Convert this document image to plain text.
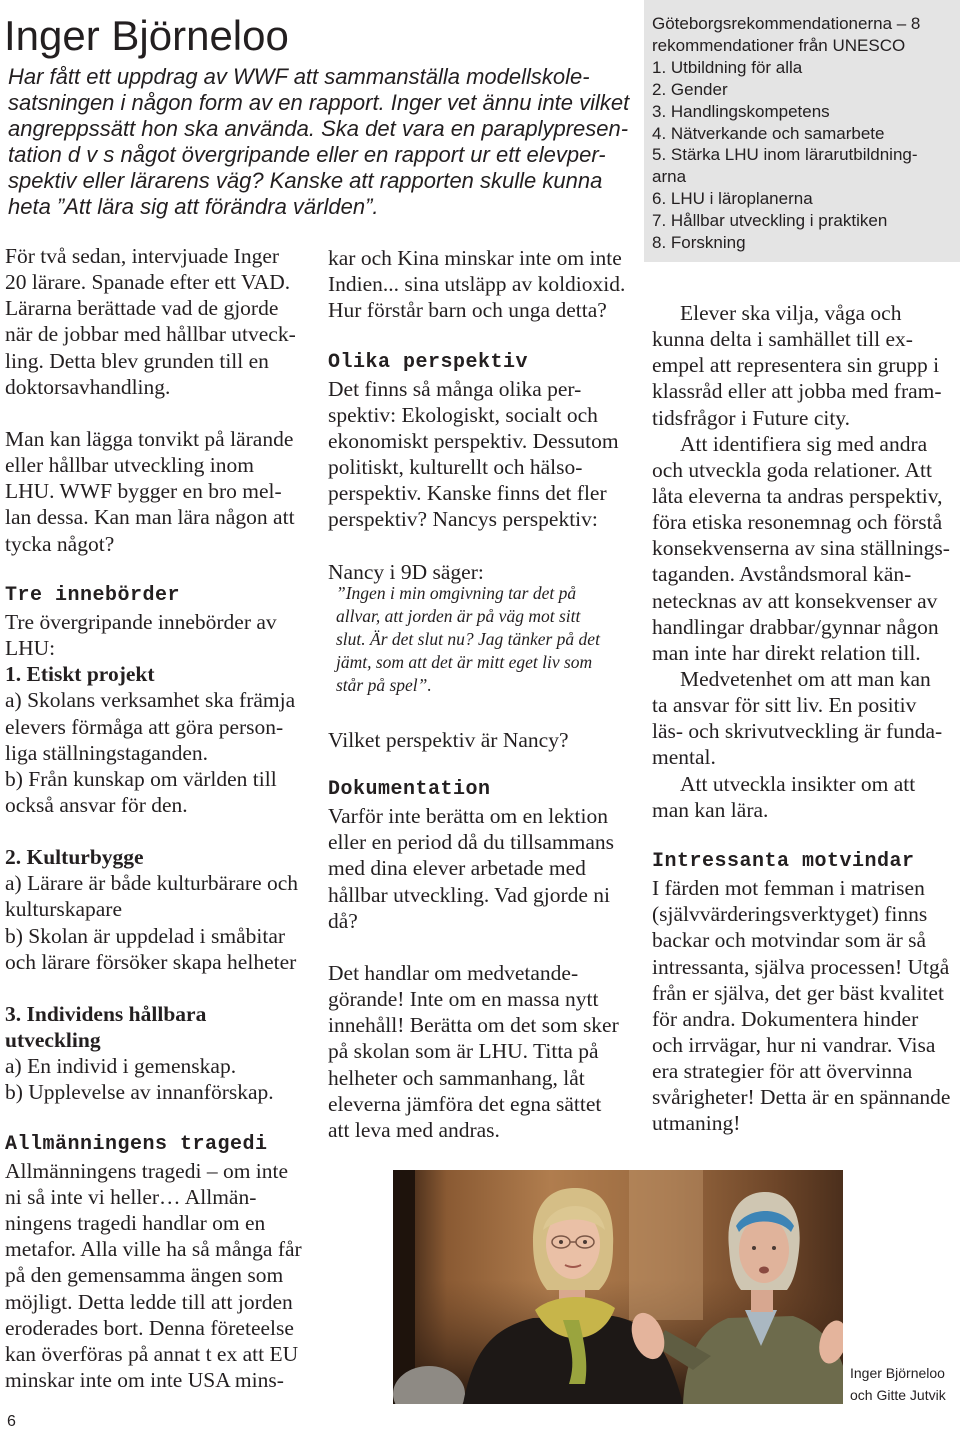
Inger Björneloo
Har fått ett uppdrag av WWF att sammanställa modellskole-
satsningen i någon form av en rapport. Inger vet ännu inte vilket
angreppssätt hon ska använda. Ska det vara en paraplypresen-
tation d v s något övergripande eller en rapport ur ett elevper-
spektiv eller lärarens väg? Kanske att rapporten skulle kunna
heta ”Att lära sig att förändra världen”.
För två sedan, intervjuade Inger
20 lärare. Spanade efter ett VAD.
Lärarna berättade vad de gjorde
när de jobbar med hållbar utveck-
ling. Detta blev grunden till en
doktorsavhandling.
Man kan lägga tonvikt på lärande
eller hållbar utveckling inom
LHU. WWF bygger en bro mel-
lan dessa. Kan man lära någon att
tycka något?
Tre innebörder
Tre övergripande innebörder av
LHU:
1. Etiskt projekt
a) Skolans verksamhet ska främja
elevers förmåga att göra person-
liga ställningstaganden.
b) Från kunskap om världen till
också ansvar för den.
2. Kulturbygge
a) Lärare är både kulturbärare och
kulturskapare
b) Skolan är uppdelad i småbitar
och lärare försöker skapa helheter
3. Individens hållbara
utveckling
a) En individ i gemenskap.
b) Upplevelse av innanförskap.
Allmänningens tragedi
Allmänningens tragedi – om inte
ni så inte vi heller… Allmän-
ningens tragedi handlar om en
metafor. Alla ville ha så många får
på den gemensamma ängen som
möjligt. Detta ledde till att jorden
eroderades bort. Denna företeelse
kan överföras på annat t ex att EU
minskar inte om inte USA mins-
kar och Kina minskar inte om inte
Indien... sina utsläpp av koldioxid.
Hur förstår barn och unga detta?
Olika perspektiv
Det finns så många olika per-
spektiv: Ekologiskt, socialt och
ekonomiskt perspektiv. Dessutom
politiskt, kulturellt och hälso-
perspektiv. Kanske finns det fler
perspektiv? Nancys perspektiv:
Nancy i 9D säger:
”Ingen i min omgivning tar det på
allvar, att jorden är på väg mot sitt
slut. Är det slut nu? Jag tänker på det
jämt, som att det är mitt eget liv som
står på spel”.
Vilket perspektiv är Nancy?
Dokumentation
Varför inte berätta om en lektion
eller en period då du tillsammans
med dina elever arbetade med
hållbar utveckling. Vad gjorde ni
då?
Det handlar om medvetande-
görande! Inte om en massa nytt
innehåll! Berätta om det som sker
på skolan som är LHU. Titta på
helheter och sammanhang, låt
eleverna jämföra det egna sättet
att leva med andras.
Göteborgsrekommendationerna – 8
rekommendationer från UNESCO
1. Utbildning för alla
2. Gender
3. Handlingskompetens
4. Nätverkande och samarbete
5. Stärka LHU inom lärarutbildning-
arna
6. LHU i läroplanerna
7. Hållbar utveckling i praktiken
8. Forskning
Elever ska vilja, våga och
kunna delta i samhället till ex-
empel att representera sin grupp i
klassråd eller att jobba med fram-
tidsfrågor i Future city.
Att identifiera sig med andra
och utveckla goda relationer. Att
låta eleverna ta andras perspektiv,
föra etiska resonemnag och förstå
konsekvenserna av sina ställnings-
taganden. Avståndsmoral kän-
netecknas av att konsekvenser av
handlingar drabbar/gynnar någon
man inte har direkt relation till.
Medvetenhet om att man kan
ta ansvar för sitt liv. En positiv
läs- och skrivutveckling är funda-
mental.
Att utveckla insikter om att
man kan lära.
Intressanta motvindar
I färden mot femman i matrisen
(självvärderingsverktyget) finns
backar och motvindar som är så
intressanta, själva processen! Utgå
från er själva, det ger bäst kvalitet
för andra. Dokumentera hinder
och irrvägar, hur ni vandrar. Visa
era strategier för att övervinna
svårigheter! Detta är en spännande
utmaning!
Inger Björneloo
och Gitte Jutvik
6
